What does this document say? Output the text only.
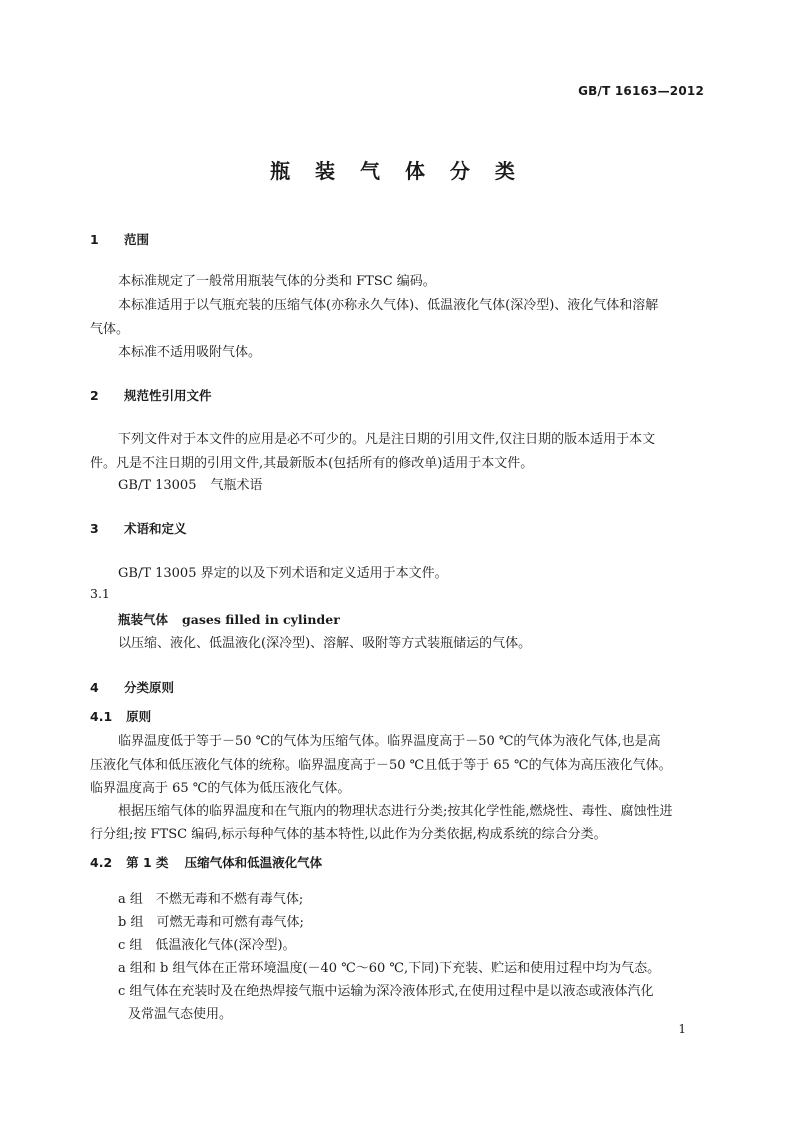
GB/T 16163—2012
瓶 装 气 体 分 类
1 范围
本标准规定了一般常用瓶装气体的分类和 FTSC 编码。
本标准适用于以气瓶充装的压缩气体(亦称永久气体)、低温液化气体(深冷型)、液化气体和溶解
气体。
本标准不适用吸附气体。
2 规范性引用文件
下列文件对于本文件的应用是必不可少的。凡是注日期的引用文件,仅注日期的版本适用于本文
件。凡是不注日期的引用文件,其最新版本(包括所有的修改单)适用于本文件。
GB/T 13005 气瓶术语
3 术语和定义
GB/T 13005 界定的以及下列术语和定义适用于本文件。
3.1
瓶装气体 gases filled in cylinder
以压缩、液化、低温液化(深冷型)、溶解、吸附等方式装瓶储运的气体。
4 分类原则
4.1 原则
临界温度低于等于－50 ℃的气体为压缩气体。临界温度高于－50 ℃的气体为液化气体,也是高
压液化气体和低压液化气体的统称。临界温度高于－50 ℃且低于等于 65 ℃的气体为高压液化气体。
临界温度高于 65 ℃的气体为低压液化气体。
根据压缩气体的临界温度和在气瓶内的物理状态进行分类;按其化学性能,燃烧性、毒性、腐蚀性进
行分组;按 FTSC 编码,标示每种气体的基本特性,以此作为分类依据,构成系统的综合分类。
4.2 第 1 类 压缩气体和低温液化气体
a 组　不燃无毒和不燃有毒气体;
b 组　可燃无毒和可燃有毒气体;
c 组　低温液化气体(深冷型)。
a 组和 b 组气体在正常环境温度(－40 ℃～60 ℃,下同)下充装、贮运和使用过程中均为气态。
c 组气体在充装时及在绝热焊接气瓶中运输为深冷液体形式,在使用过程中是以液态或液体汽化
及常温气态使用。
1
